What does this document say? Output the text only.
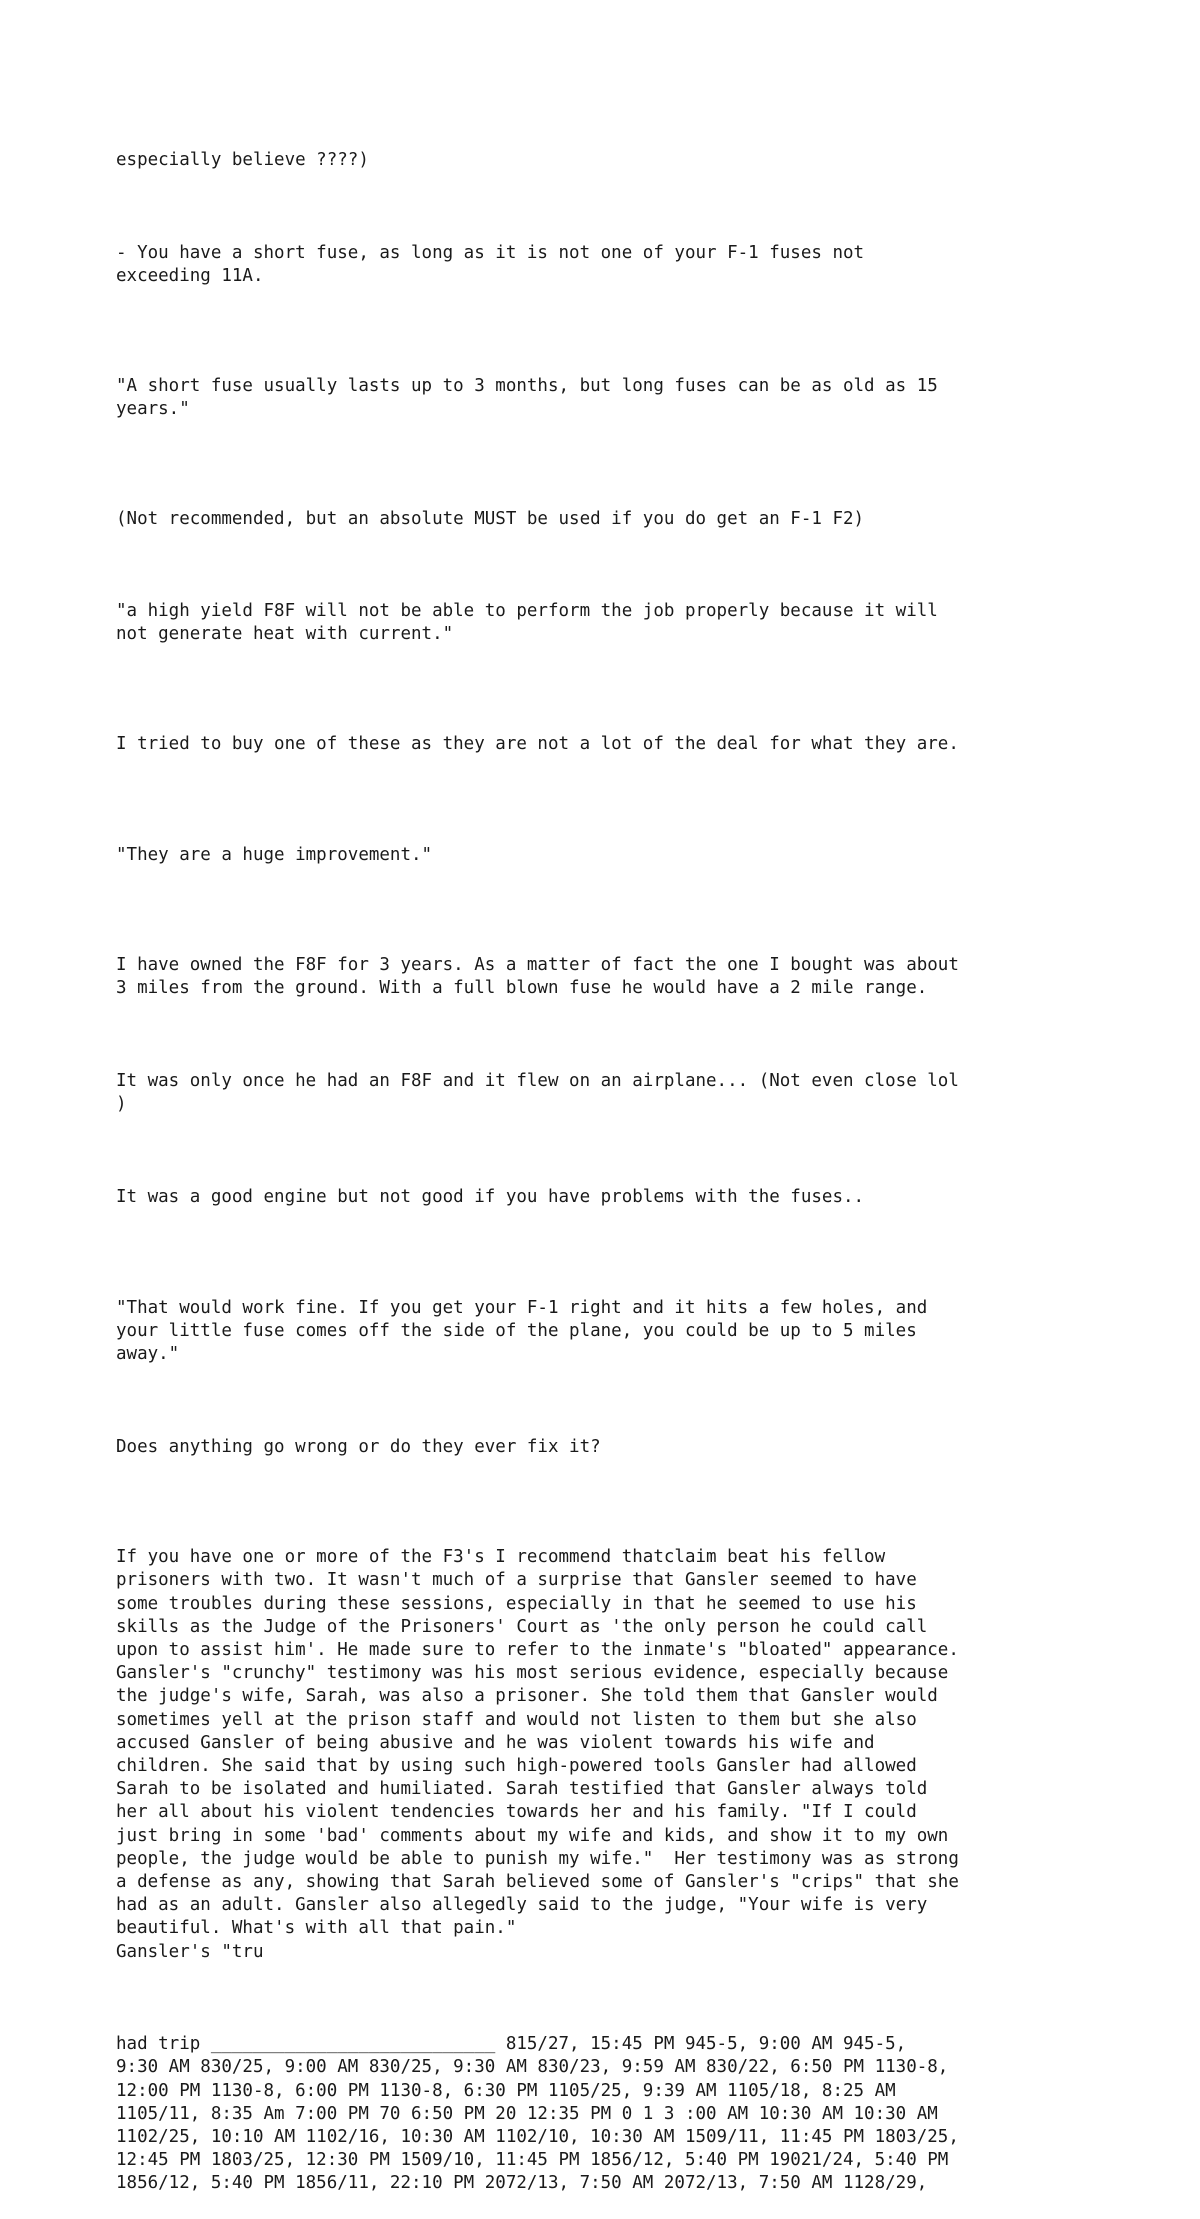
especially believe ????)

- You have a short fuse, as long as it is not one of your F-1 fuses not
exceeding 11A.

"A short fuse usually lasts up to 3 months, but long fuses can be as old as 15
years."

(Not recommended, but an absolute MUST be used if you do get an F-1 F2)

"a high yield F8F will not be able to perform the job properly because it will
not generate heat with current."

I tried to buy one of these as they are not a lot of the deal for what they are.

"They are a huge improvement."

I have owned the F8F for 3 years. As a matter of fact the one I bought was about
3 miles from the ground. With a full blown fuse he would have a 2 mile range.

It was only once he had an F8F and it flew on an airplane... (Not even close lol
)

It was a good engine but not good if you have problems with the fuses..

"That would work fine. If you get your F-1 right and it hits a few holes, and
your little fuse comes off the side of the plane, you could be up to 5 miles
away."

Does anything go wrong or do they ever fix it?

If you have one or more of the F3's I recommend thatclaim beat his fellow
prisoners with two. It wasn't much of a surprise that Gansler seemed to have
some troubles during these sessions, especially in that he seemed to use his
skills as the Judge of the Prisoners' Court as 'the only person he could call
upon to assist him'. He made sure to refer to the inmate's "bloated" appearance.
Gansler's "crunchy" testimony was his most serious evidence, especially because
the judge's wife, Sarah, was also a prisoner. She told them that Gansler would
sometimes yell at the prison staff and would not listen to them but she also
accused Gansler of being abusive and he was violent towards his wife and
children. She said that by using such high-powered tools Gansler had allowed
Sarah to be isolated and humiliated. Sarah testified that Gansler always told
her all about his violent tendencies towards her and his family. "If I could
just bring in some 'bad' comments about my wife and kids, and show it to my own
people, the judge would be able to punish my wife."  Her testimony was as strong
a defense as any, showing that Sarah believed some of Gansler's "crips" that she
had as an adult. Gansler also allegedly said to the judge, "Your wife is very
beautiful. What's with all that pain."
Gansler's "tru

had trip ___________________________ 815/27, 15:45 PM 945-5, 9:00 AM 945-5,
9:30 AM 830/25, 9:00 AM 830/25, 9:30 AM 830/23, 9:59 AM 830/22, 6:50 PM 1130-8,
12:00 PM 1130-8, 6:00 PM 1130-8, 6:30 PM 1105/25, 9:39 AM 1105/18, 8:25 AM
1105/11, 8:35 Am 7:00 PM 70 6:50 PM 20 12:35 PM 0 1 3 :00 AM 10:30 AM 10:30 AM
1102/25, 10:10 AM 1102/16, 10:30 AM 1102/10, 10:30 AM 1509/11, 11:45 PM 1803/25,
12:45 PM 1803/25, 12:30 PM 1509/10, 11:45 PM 1856/12, 5:40 PM 19021/24, 5:40 PM
1856/12, 5:40 PM 1856/11, 22:10 PM 2072/13, 7:50 AM 2072/13, 7:50 AM 1128/29,
